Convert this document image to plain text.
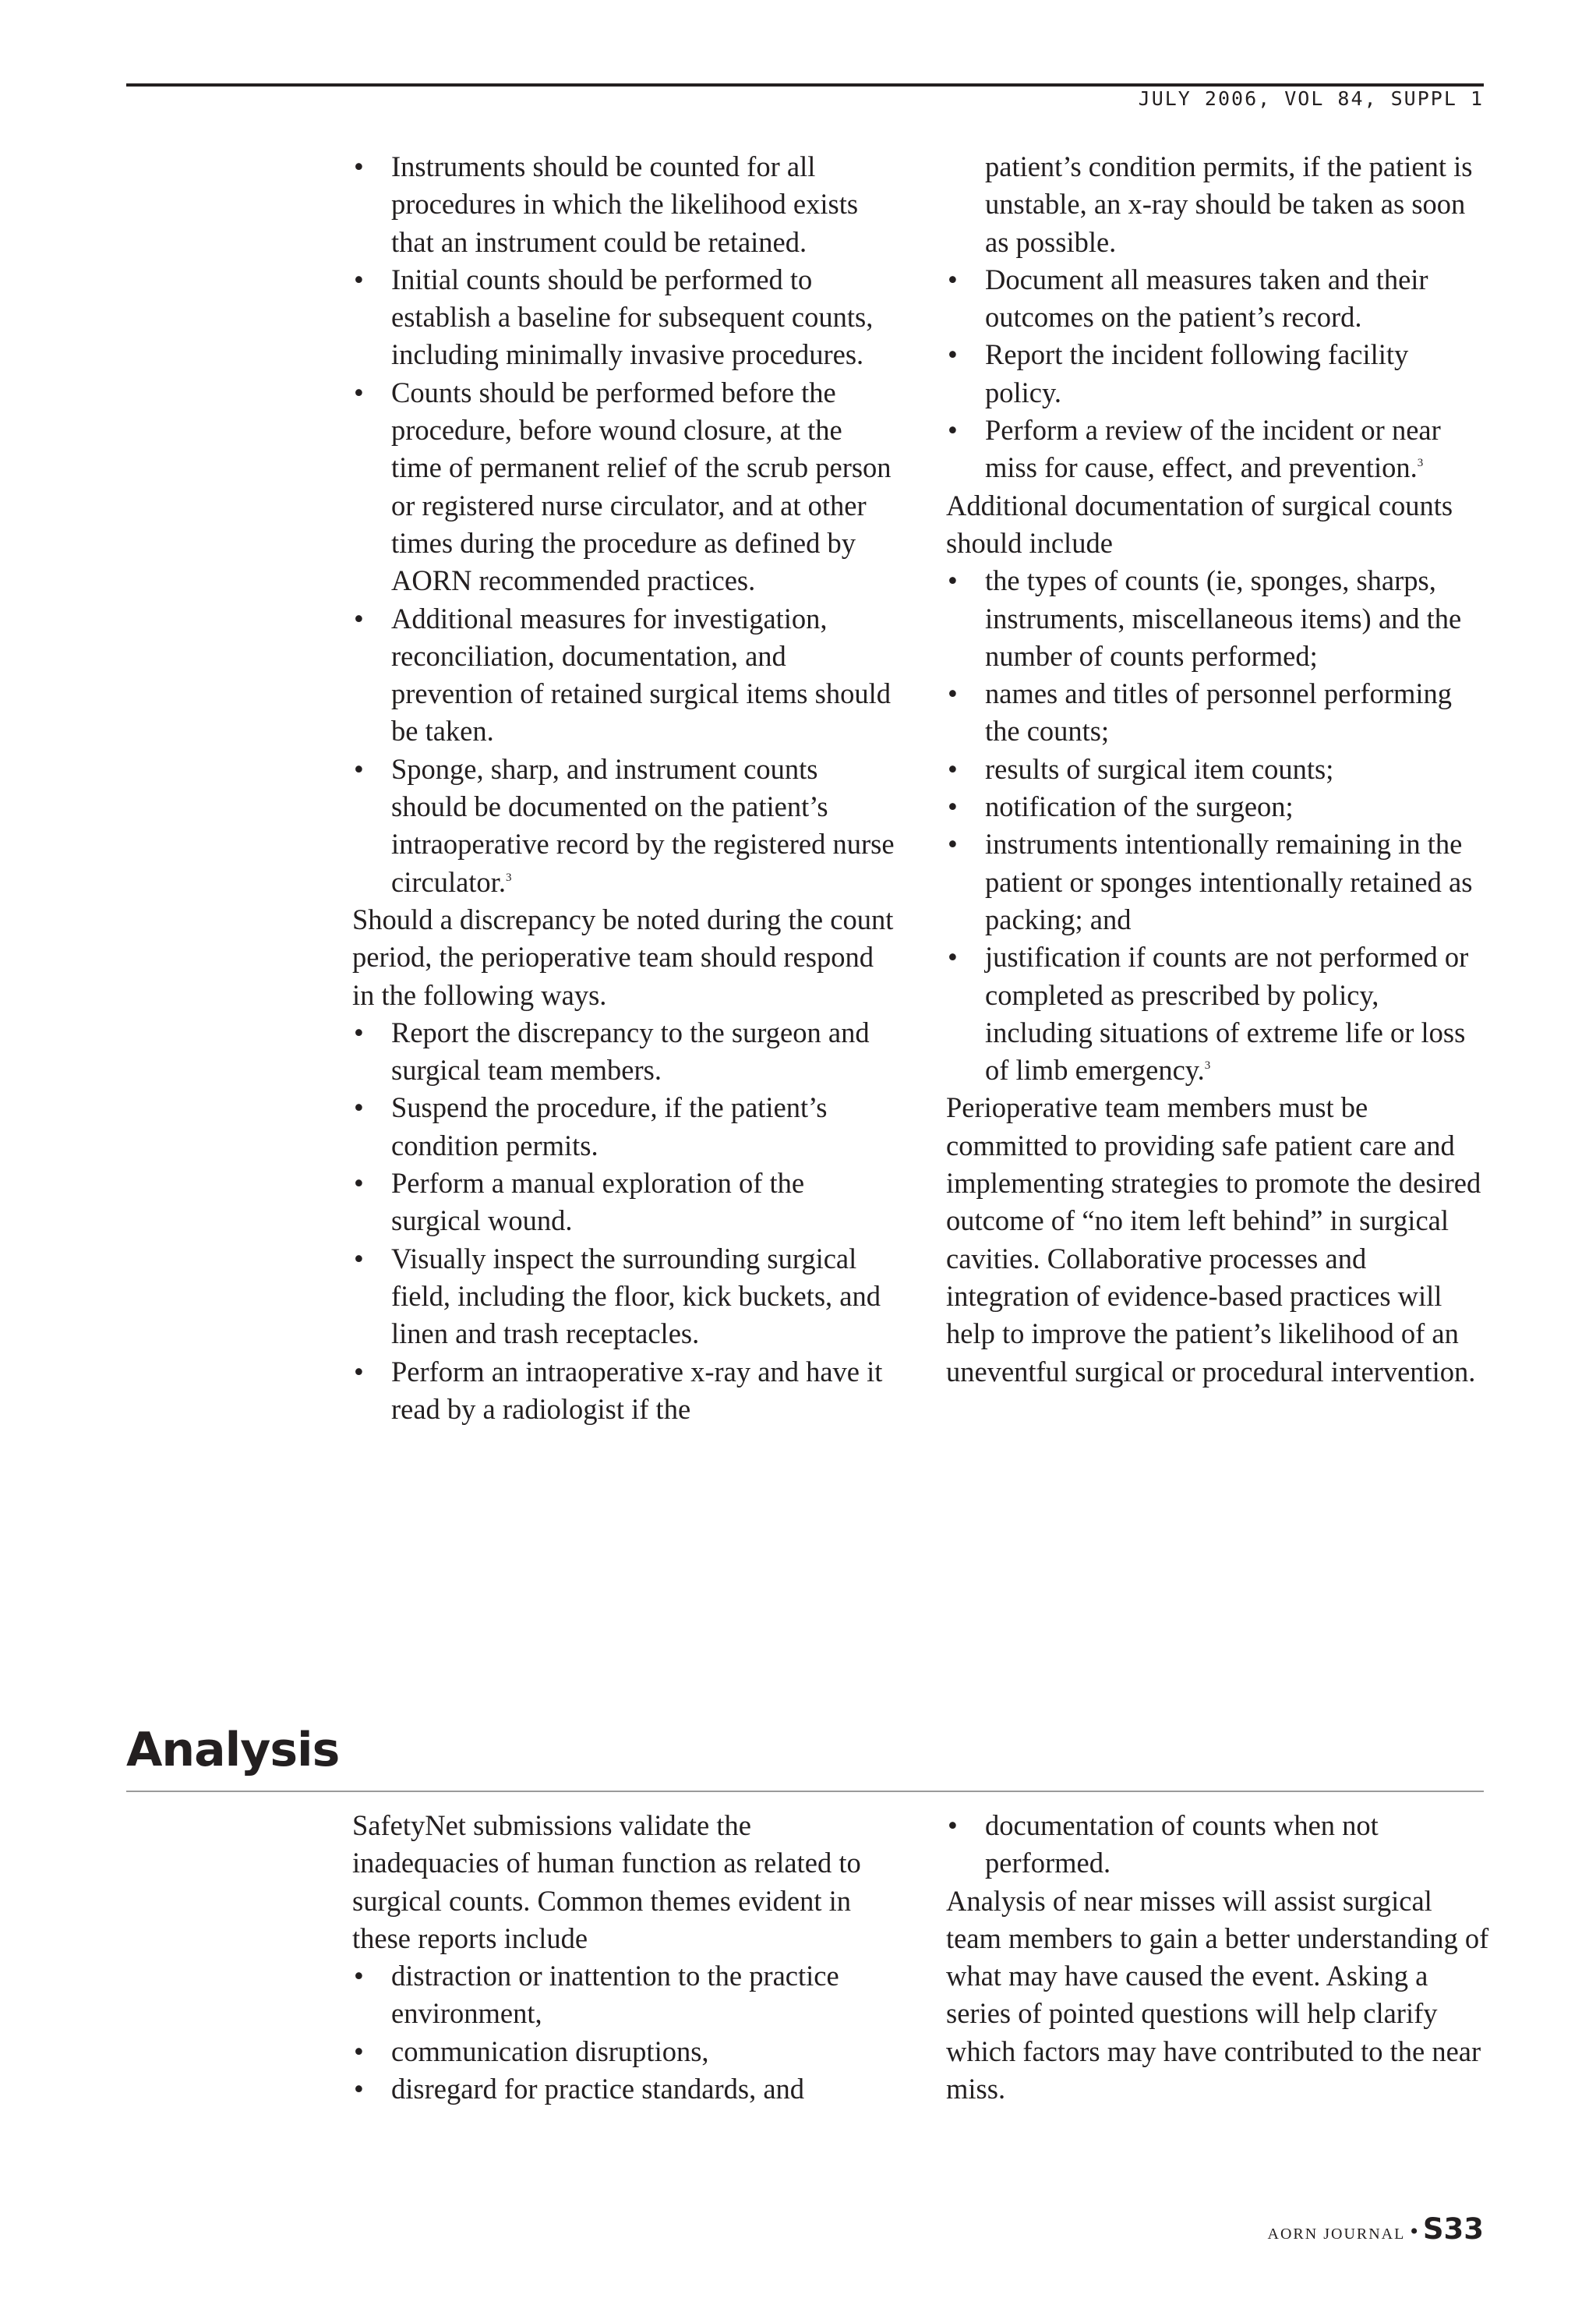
JULY 2006, VOL 84, SUPPL 1
• Instruments should be counted for all procedures in which the likelihood exists that an instrument could be retained.
• Initial counts should be performed to establish a baseline for subsequent counts, including minimally invasive procedures.
• Counts should be performed before the procedure, before wound closure, at the time of permanent relief of the scrub person or registered nurse circulator, and at other times during the procedure as defined by AORN recommended practices.
• Additional measures for investigation, reconciliation, documentation, and prevention of retained surgical items should be taken.
• Sponge, sharp, and instrument counts should be documented on the patient’s intraoperative record by the registered nurse circulator.$^3$

Should a discrepancy be noted during the count period, the perioperative team should respond in the following ways.

• Report the discrepancy to the surgeon and surgical team members.
• Suspend the procedure, if the patient’s condition permits.
• Perform a manual exploration of the surgical wound.
• Visually inspect the surrounding surgical field, including the floor, kick buckets, and linen and trash receptacles.
• Perform an intraoperative x-ray and have it read by a radiologist if the
patient’s condition permits, if the patient is unstable, an x-ray should be taken as soon as possible.
• Document all measures taken and their outcomes on the patient’s record.
• Report the incident following facility policy.
• Perform a review of the incident or near miss for cause, effect, and prevention.$^3$

Additional documentation of surgical counts should include

• the types of counts (ie, sponges, sharps, instruments, miscellaneous items) and the number of counts performed;
• names and titles of personnel performing the counts;
• results of surgical item counts;
• notification of the surgeon;
• instruments intentionally remaining in the patient or sponges intentionally retained as packing; and
• justification if counts are not performed or completed as prescribed by policy, including situations of extreme life or loss of limb emergency.$^3$

Perioperative team members must be committed to providing safe patient care and implementing strategies to promote the desired outcome of “no item left behind” in surgical cavities. Collaborative processes and integration of evidence-based practices will help to improve the patient’s likelihood of an uneventful surgical or procedural intervention.

Analysis

SafetyNet submissions validate the inadequacies of human function as related to surgical counts. Common themes evident in these reports include

• distraction or inattention to the practice environment,
• communication disruptions,
• disregard for practice standards, and
• documentation of counts when not performed.

Analysis of near misses will assist surgical team members to gain a better understanding of what may have caused the event. Asking a series of pointed questions will help clarify which factors may have contributed to the near miss.

AORN JOURNAL • S33
